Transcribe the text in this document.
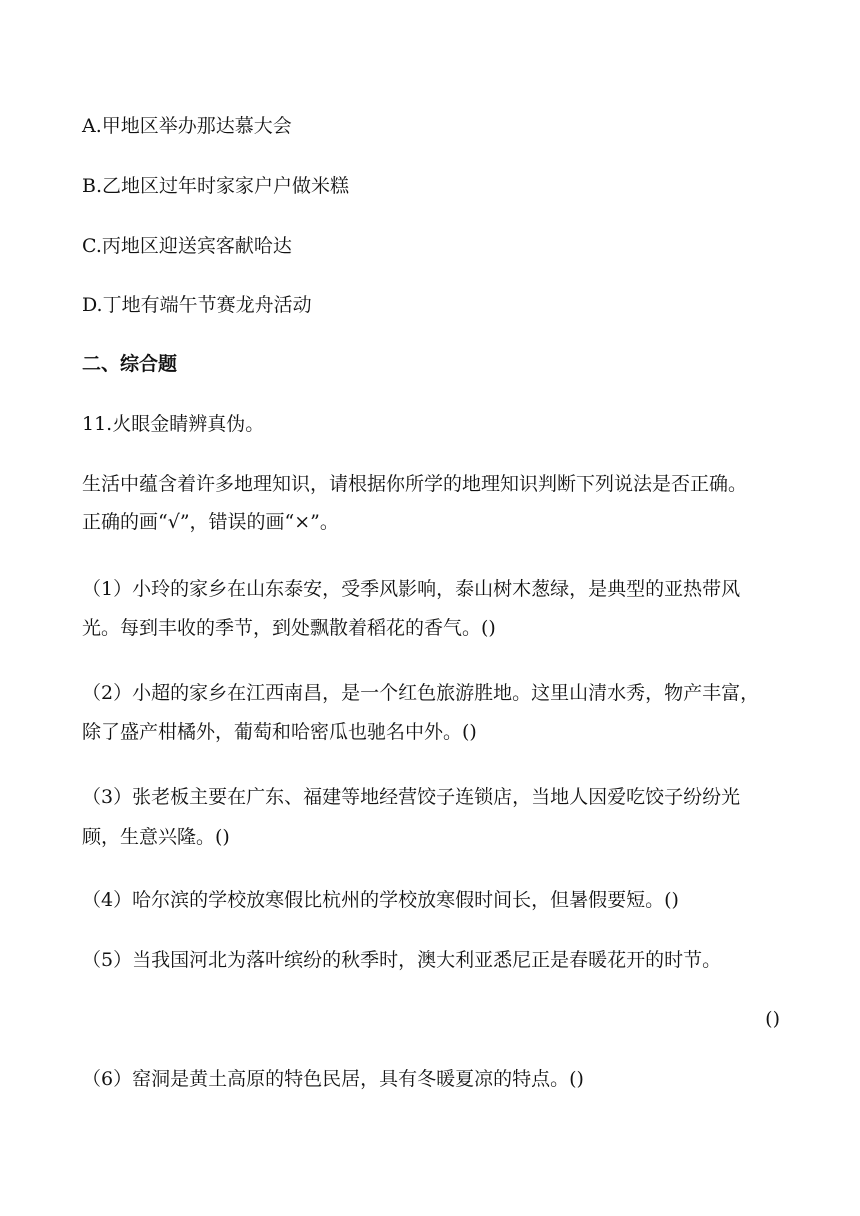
A.甲地区举办那达慕大会
B.乙地区过年时家家户户做米糕
C.丙地区迎送宾客献哈达
D.丁地有端午节赛龙舟活动
二、综合题
11.火眼金睛辨真伪。
生活中蕴含着许多地理知识，请根据你所学的地理知识判断下列说法是否正确。
正确的画“√”，错误的画“×”。
（1）小玲的家乡在山东泰安，受季风影响，泰山树木葱绿，是典型的亚热带风
光。每到丰收的季节，到处飘散着稻花的香气。()
（2）小超的家乡在江西南昌，是一个红色旅游胜地。这里山清水秀，物产丰富，
除了盛产柑橘外，葡萄和哈密瓜也驰名中外。()
（3）张老板主要在广东、福建等地经营饺子连锁店，当地人因爱吃饺子纷纷光
顾，生意兴隆。()
（4）哈尔滨的学校放寒假比杭州的学校放寒假时间长，但暑假要短。()
（5）当我国河北为落叶缤纷的秋季时，澳大利亚悉尼正是春暖花开的时节。
()
（6）窑洞是黄土高原的特色民居，具有冬暖夏凉的特点。()
